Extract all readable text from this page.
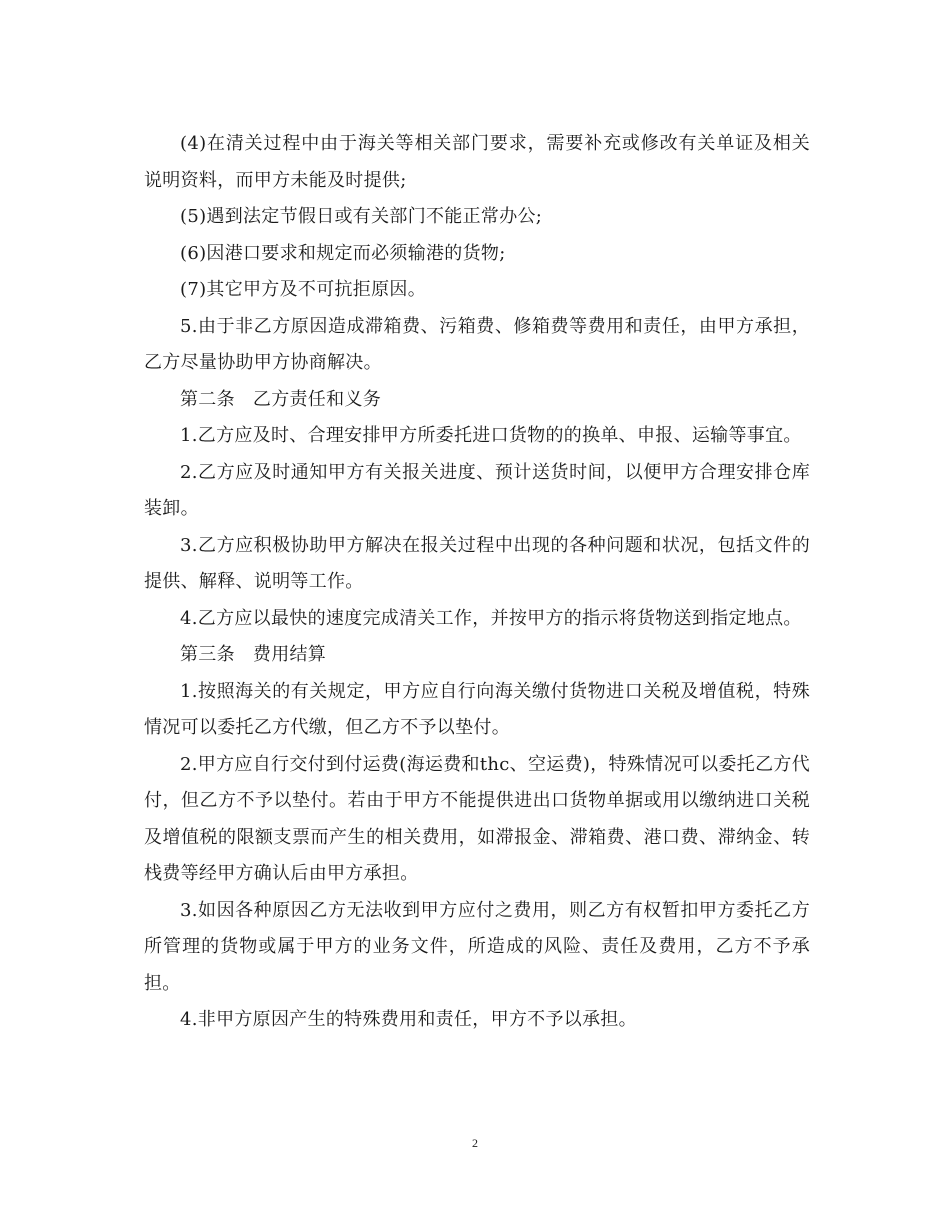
(4)在清关过程中由于海关等相关部门要求，需要补充或修改有关单证及相关说明资料，而甲方未能及时提供;

(5)遇到法定节假日或有关部门不能正常办公;

(6)因港口要求和规定而必须输港的货物;

(7)其它甲方及不可抗拒原因。

5.由于非乙方原因造成滞箱费、污箱费、修箱费等费用和责任，由甲方承担，乙方尽量协助甲方协商解决。

第二条 乙方责任和义务

1.乙方应及时、合理安排甲方所委托进口货物的的换单、申报、运输等事宜。

2.乙方应及时通知甲方有关报关进度、预计送货时间，以便甲方合理安排仓库装卸。

3.乙方应积极协助甲方解决在报关过程中出现的各种问题和状况，包括文件的提供、解释、说明等工作。

4.乙方应以最快的速度完成清关工作，并按甲方的指示将货物送到指定地点。

第三条 费用结算

1.按照海关的有关规定，甲方应自行向海关缴付货物进口关税及增值税，特殊情况可以委托乙方代缴，但乙方不予以垫付。

2.甲方应自行交付到付运费(海运费和thc、空运费)，特殊情况可以委托乙方代付，但乙方不予以垫付。若由于甲方不能提供进出口货物单据或用以缴纳进口关税及增值税的限额支票而产生的相关费用，如滞报金、滞箱费、港口费、滞纳金、转栈费等经甲方确认后由甲方承担。

3.如因各种原因乙方无法收到甲方应付之费用，则乙方有权暂扣甲方委托乙方所管理的货物或属于甲方的业务文件，所造成的风险、责任及费用，乙方不予承担。

4.非甲方原因产生的特殊费用和责任，甲方不予以承担。

2
